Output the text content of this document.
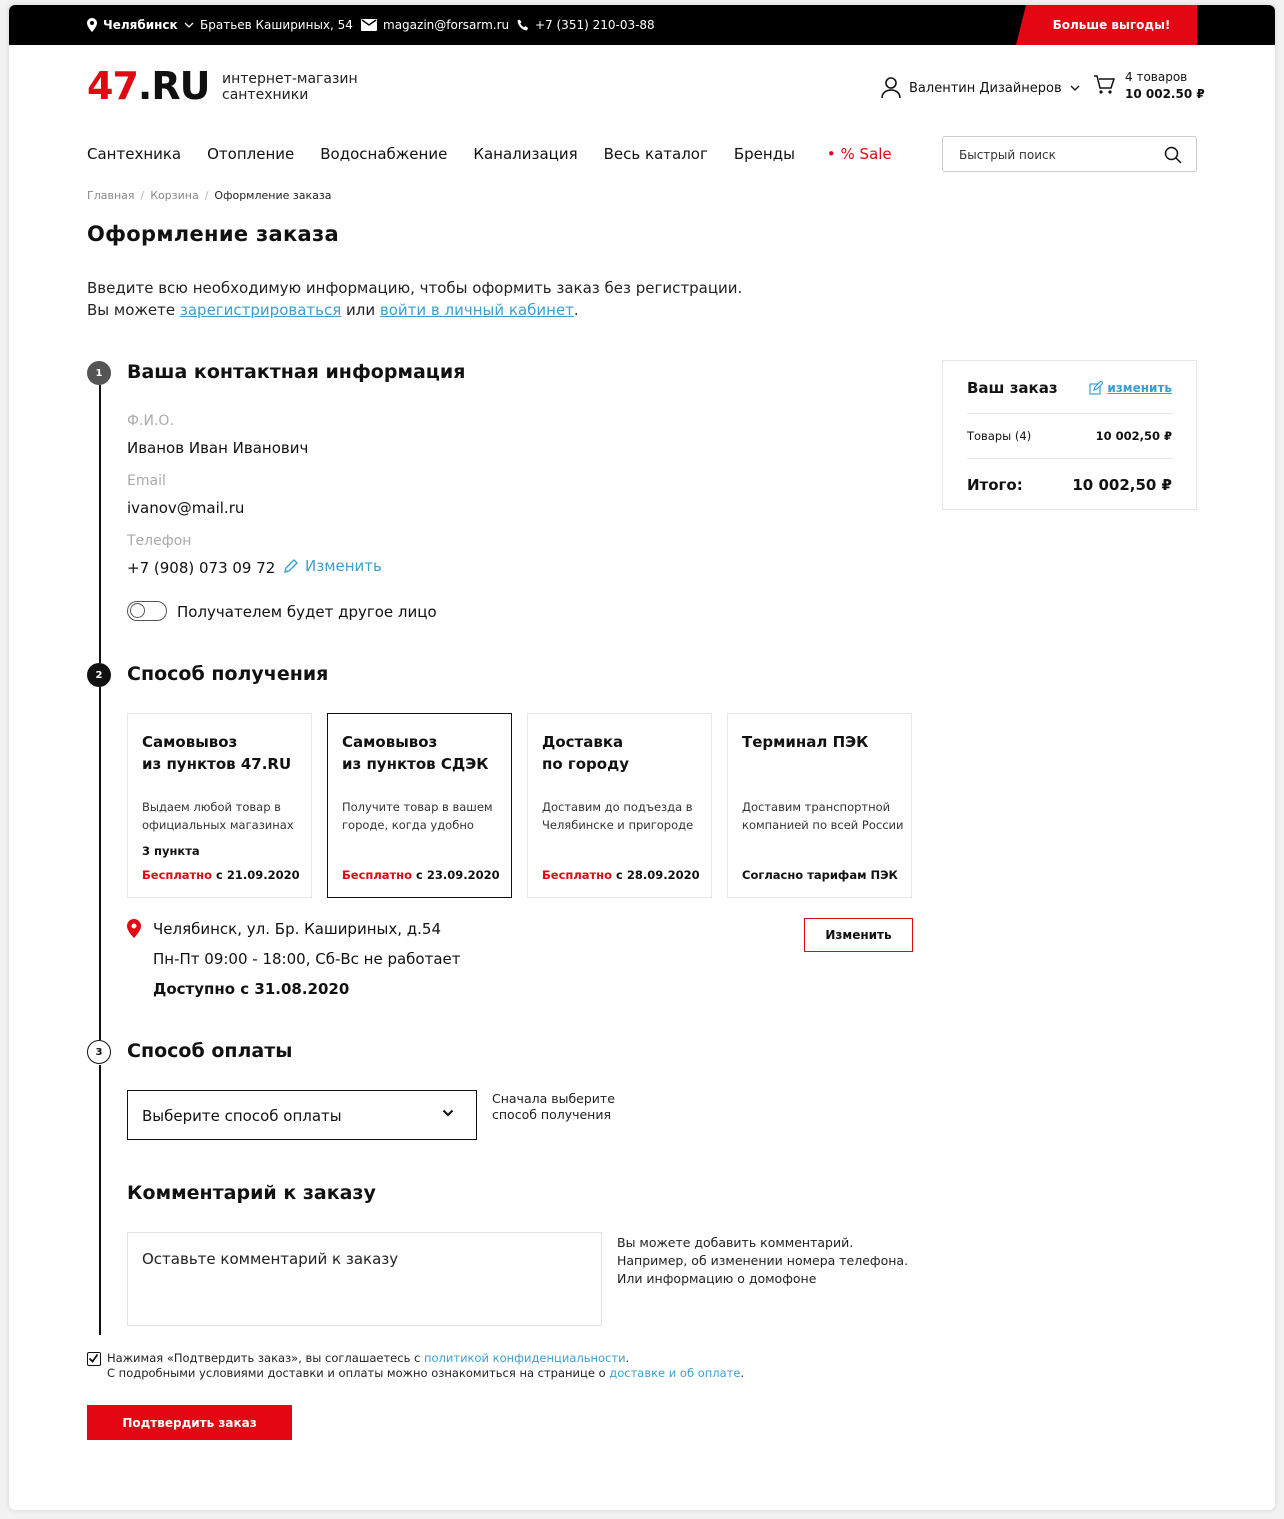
Челябинск Братьев Кашириных, 54	magazin@forsarm.ru +7 (351) 210-03-88	Больше выгоды!
47.RU интернет-магазин
сантехники	Валентин Дизайнеров
4 товаров
10 002.50 ₽
Сантехника Отопление Водоснабжение Канализация Весь каталог Бренды • % Sale	Быстрый поиск
Главная / Корзина / Оформление заказа
Оформление заказа
Введите всю необходимую информацию, чтобы оформить заказ без регистрации.
Вы можете зарегистрироваться или войти в личный кабинет.
1	Ваша контактная информация
Ф.И.О.
Иванов Иван Иванович
Email
ivanov@mail.ru
Телефон
+7 (908) 073 09 72 Изменить
Получателем будет другое лицо
2	Способ получения
Самовывоз
из пунктов 47.RU
Выдаем любой товар в официальных магазинах
3 пункта
Бесплатно с 21.09.2020
Самовывоз
из пунктов СДЭК
Получите товар в вашем городе, когда удобно
Бесплатно с 23.09.2020
Доставка
по городу
Доставим до подъезда в Челябинске и пригороде
Бесплатно с 28.09.2020
Терминал ПЭК
Доставим транспортной компанией по всей России
Согласно тарифам ПЭК
Челябинск, ул. Бр. Кашириных, д.54
Пн-Пт 09:00 - 18:00, Сб-Вс не работает
Доступно с 31.08.2020
Изменить
3	Способ оплаты
Выберите способ оплаты
Сначала выберите
способ получения
Комментарий к заказу
Оставьте комментарий к заказу
Вы можете добавить комментарий.
Например, об изменении номера телефона.
Или информацию о домофоне
Нажимая «Подтвердить заказ», вы соглашаетесь с политикой конфиденциальности.
С подробными условиями доставки и оплаты можно ознакомиться на странице о доставке и об оплате.
Подтвердить заказ
Ваш заказ	изменить
Товары (4)	10 002,50 ₽
Итого:	10 002,50 ₽
